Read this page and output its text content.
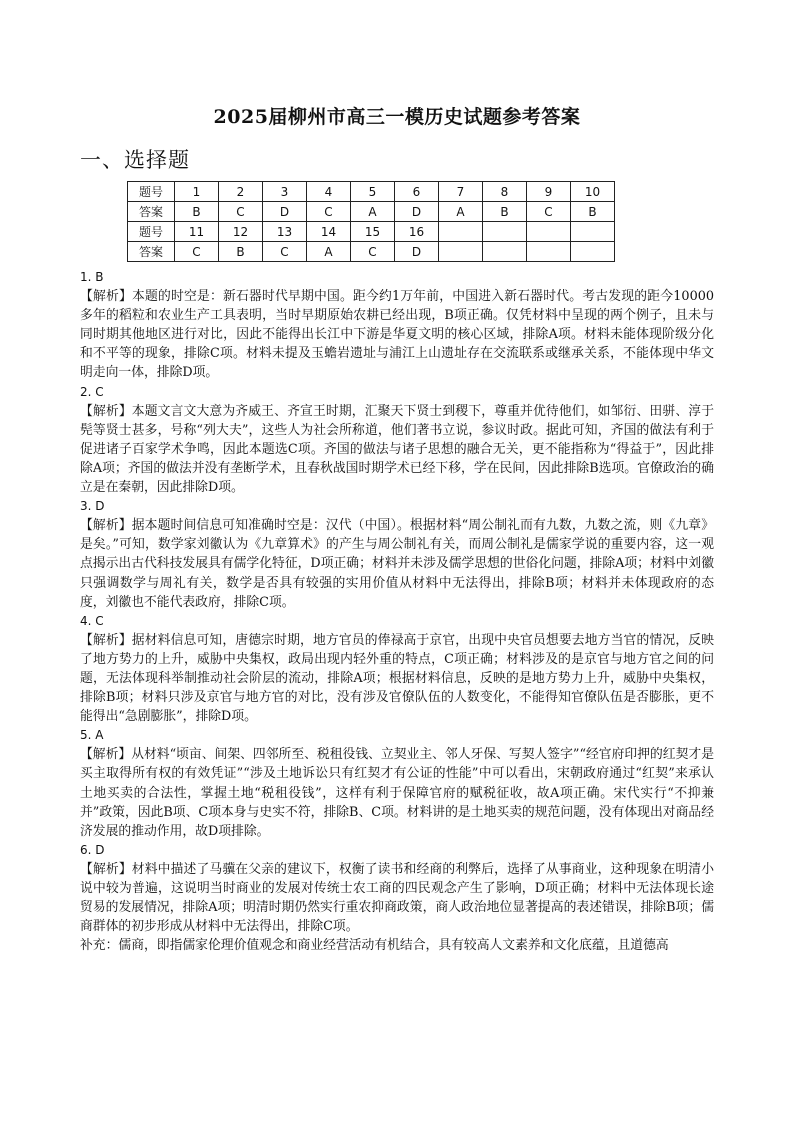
2025届柳州市高三一模历史试题参考答案
一、选择题
题号	1	2	3	4	5	6	7	8	9	10
答案	B	C	D	C	A	D	A	B	C	B
题号	11	12	13	14	15	16				
答案	C	B	C	A	C	D				

1. B

【解析】本题的时空是：新石器时代早期中国。距今约1万年前，中国进入新石器时代。考古发现的距今10000多年的稻粒和农业生产工具表明，当时早期原始农耕已经出现，B项正确。仅凭材料中呈现的两个例子，且未与同时期其他地区进行对比，因此不能得出长江中下游是华夏文明的核心区域，排除A项。材料未能体现阶级分化和不平等的现象，排除C项。材料未提及玉蟾岩遗址与浦江上山遗址存在交流联系或继承关系，不能体现中华文明走向一体，排除D项。

2. C

【解析】本题文言文大意为齐威王、齐宣王时期，汇聚天下贤士到稷下，尊重并优待他们，如邹衍、田骈、淳于髡等贤士甚多，号称“列大夫”，这些人为社会所称道，他们著书立说，参议时政。据此可知，齐国的做法有利于促进诸子百家学术争鸣，因此本题选C项。齐国的做法与诸子思想的融合无关，更不能指称为“得益于”，因此排除A项；齐国的做法并没有垄断学术，且春秋战国时期学术已经下移，学在民间，因此排除B选项。官僚政治的确立是在秦朝，因此排除D项。

3. D

【解析】据本题时间信息可知准确时空是：汉代（中国）。根据材料“周公制礼而有九数，九数之流，则《九章》是矣。”可知，数学家刘徽认为《九章算术》的产生与周公制礼有关，而周公制礼是儒家学说的重要内容，这一观点揭示出古代科技发展具有儒学化特征，D项正确；材料并未涉及儒学思想的世俗化问题，排除A项；材料中刘徽只强调数学与周礼有关，数学是否具有较强的实用价值从材料中无法得出，排除B项；材料并未体现政府的态度，刘徽也不能代表政府，排除C项。

4. C

【解析】据材料信息可知，唐德宗时期，地方官员的俸禄高于京官，出现中央官员想要去地方当官的情况，反映了地方势力的上升，威胁中央集权，政局出现内轻外重的特点，C项正确；材料涉及的是京官与地方官之间的问题，无法体现科举制推动社会阶层的流动，排除A项；根据材料信息，反映的是地方势力上升，威胁中央集权，排除B项；材料只涉及京官与地方官的对比，没有涉及官僚队伍的人数变化，不能得知官僚队伍是否膨胀，更不能得出“急剧膨胀”，排除D项。

5. A

【解析】从材料“顷亩、间架、四邻所至、税租役钱、立契业主、邻人牙保、写契人签字”“经官府印押的红契才是买主取得所有权的有效凭证”“涉及土地诉讼只有红契才有公证的性能”中可以看出，宋朝政府通过“红契”来承认土地买卖的合法性，掌握土地“税租役钱”，这样有利于保障官府的赋税征收，故A项正确。宋代实行“不抑兼并”政策，因此B项、C项本身与史实不符，排除B、C项。材料讲的是土地买卖的规范问题，没有体现出对商品经济发展的推动作用，故D项排除。

6. D

【解析】材料中描述了马骥在父亲的建议下，权衡了读书和经商的利弊后，选择了从事商业，这种现象在明清小说中较为普遍，这说明当时商业的发展对传统士农工商的四民观念产生了影响，D项正确；材料中无法体现长途贸易的发展情况，排除A项；明清时期仍然实行重农抑商政策，商人政治地位显著提高的表述错误，排除B项；儒商群体的初步形成从材料中无法得出，排除C项。

补充：儒商，即指儒家伦理价值观念和商业经营活动有机结合，具有较高人文素养和文化底蕴，且道德高
